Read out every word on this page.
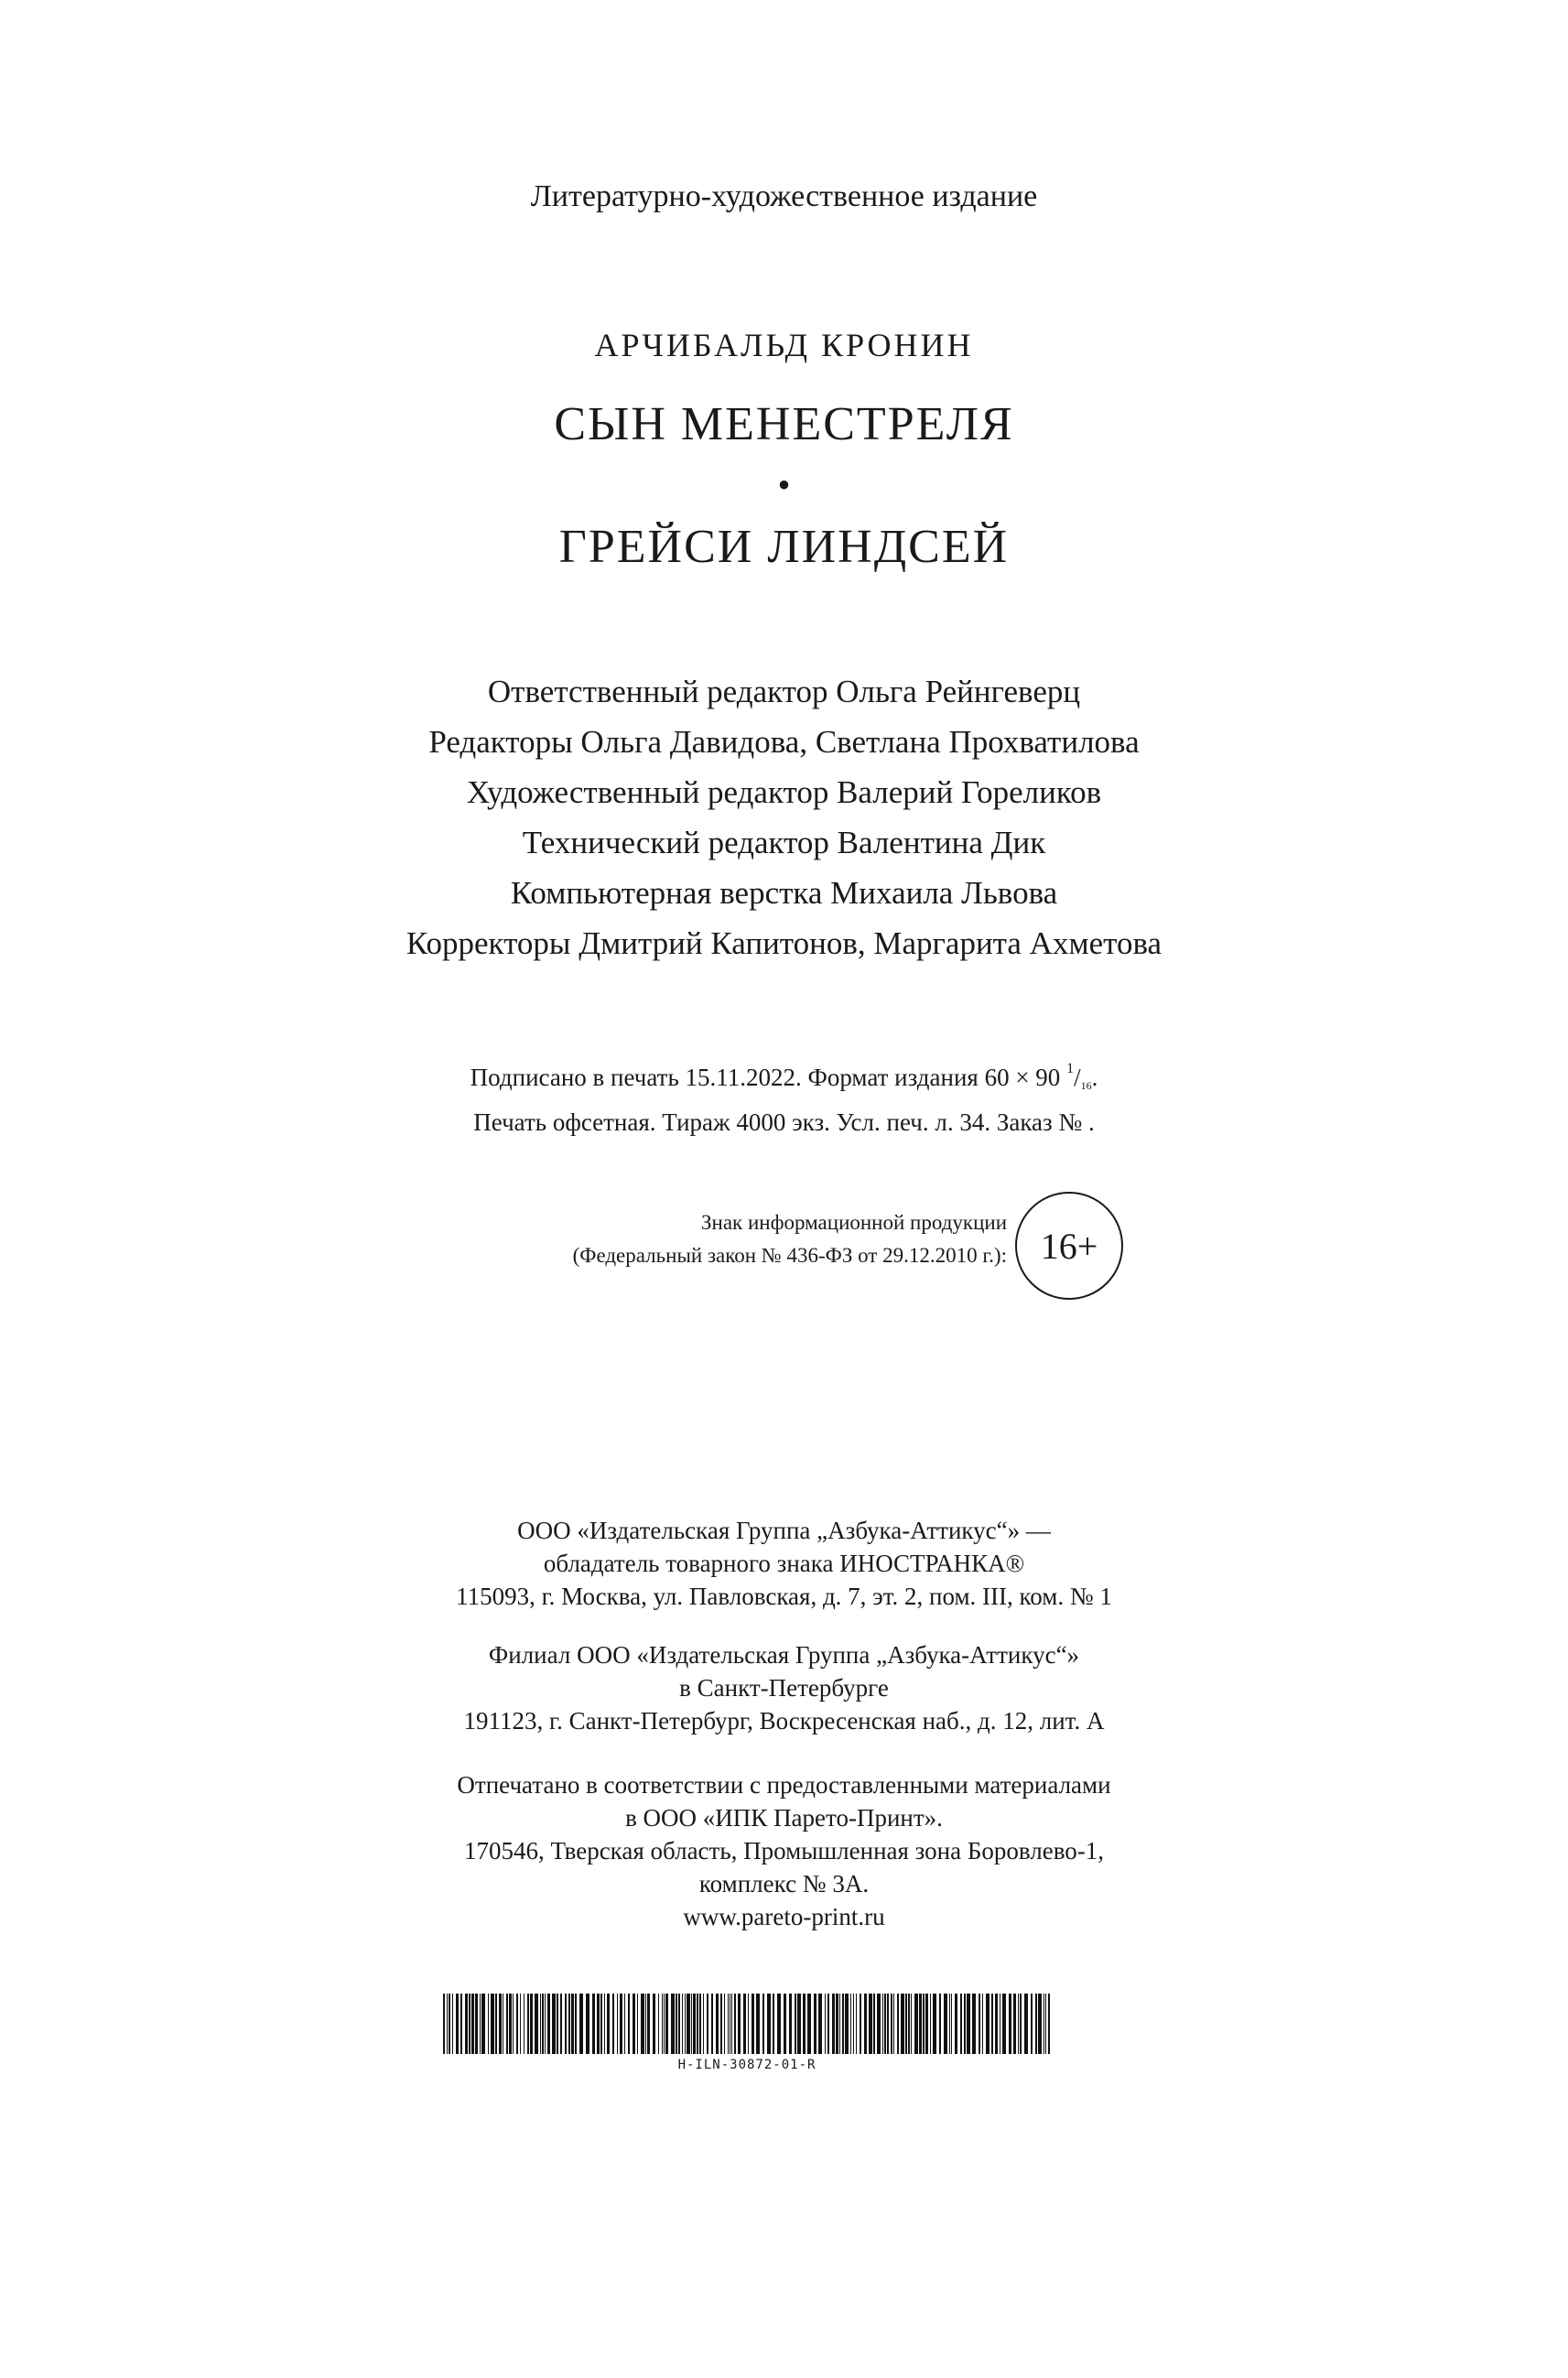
Литературно-художественное издание
АРЧИБАЛЬД КРОНИН
СЫН МЕНЕСТРЕЛЯ
•
ГРЕЙСИ ЛИНДСЕЙ
Ответственный редактор Ольга Рейнгеверц
Редакторы Ольга Давидова, Светлана Прохватилова
Художественный редактор Валерий Гореликов
Технический редактор Валентина Дик
Компьютерная верстка Михаила Львова
Корректоры Дмитрий Капитонов, Маргарита Ахметова
Подписано в печать 15.11.2022. Формат издания 60 × 90 $^1$/16.
Печать офсетная. Тираж 4000 экз. Усл. печ. л. 34. Заказ № .
Знак информационной продукции
(Федеральный закон № 436-ФЗ от 29.12.2010 г.): 16+
ООО «Издательская Группа „Азбука-Аттикус“» —
обладатель товарного знака ИНОСТРАНКА®
115093, г. Москва, ул. Павловская, д. 7, эт. 2, пом. III, ком. № 1
Филиал ООО «Издательская Группа „Азбука-Аттикус“»
в Санкт-Петербурге
191123, г. Санкт-Петербург, Воскресенская наб., д. 12, лит. А
Отпечатано в соответствии с предоставленными материалами
в ООО «ИПК Парето-Принт».
170546, Тверская область, Промышленная зона Боровлево-1,
комплекс № 3А.
www.pareto-print.ru
H-ILN-30872-01-R
